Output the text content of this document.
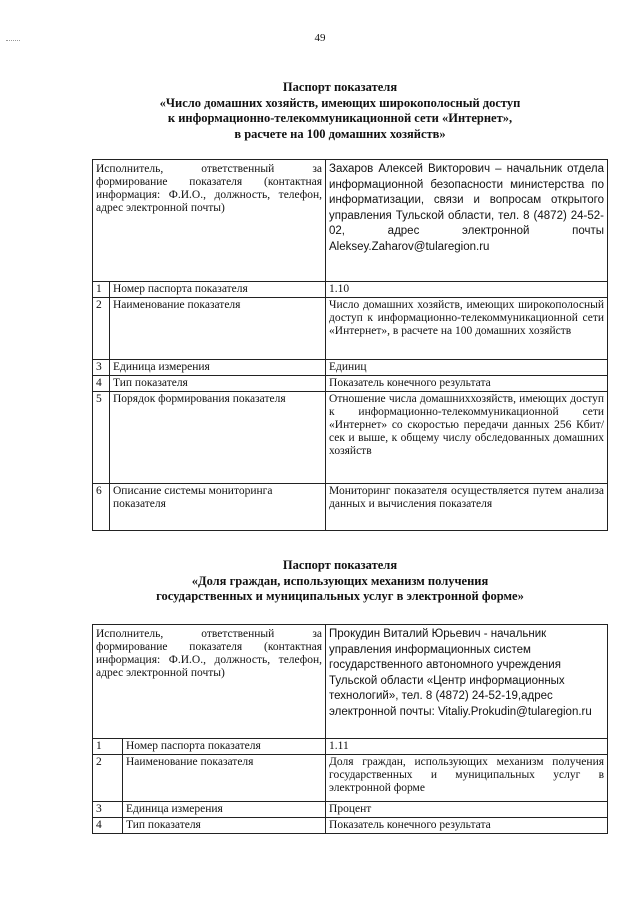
49
Паспорт показателя
«Число домашних хозяйств, имеющих широкополосный доступ
к информационно-телекоммуникационной сети «Интернет»,
в расчете на 100 домашних хозяйств»
Исполнитель, ответственный за формирование показателя (контактная информация: Ф.И.О., должность, телефон, адрес электронной почты)		Захаров Алексей Викторович – начальник отдела информационной безопасности министерства по информатизации, связи и вопросам открытого управления Тульской области, тел. 8 (4872) 24-52-02, адрес электронной почты Aleksey.Zaharov@tularegion.ru
1	Номер паспорта показателя	1.10
2	Наименование показателя	Число домашних хозяйств, имеющих широкополосный доступ к информационно-телекоммуникационной сети «Интернет», в расчете на 100 домашних хозяйств
3	Единица измерения	Единиц
4	Тип показателя	Показатель конечного результата
5	Порядок формирования показателя	Отношение числа домашниххозяйств, имеющих доступ к информационно-телекоммуникационной сети «Интернет» со скоростью передачи данных 256 Кбит/сек и выше, к общему числу обследованных домашних хозяйств
6	Описание системы мониторинга показателя	Мониторинг показателя осуществляется путем анализа данных и вычисления показателя
Паспорт показателя
«Доля граждан, использующих механизм получения
государственных и муниципальных услуг в электронной форме»
Исполнитель, ответственный за формирование показателя (контактная информация: Ф.И.О., должность, телефон, адрес электронной почты)		Прокудин Виталий Юрьевич - начальник управления информационных систем государственного автономного учреждения Тульской области «Центр информационных технологий», тел. 8 (4872) 24-52-19,адрес электронной почты: Vitaliy.Prokudin@tularegion.ru
1	Номер паспорта показателя	1.11
2	Наименование показателя	Доля граждан, использующих механизм получения государственных и муниципальных услуг в электронной форме
3	Единица измерения	Процент
4	Тип показателя	Показатель конечного результата
